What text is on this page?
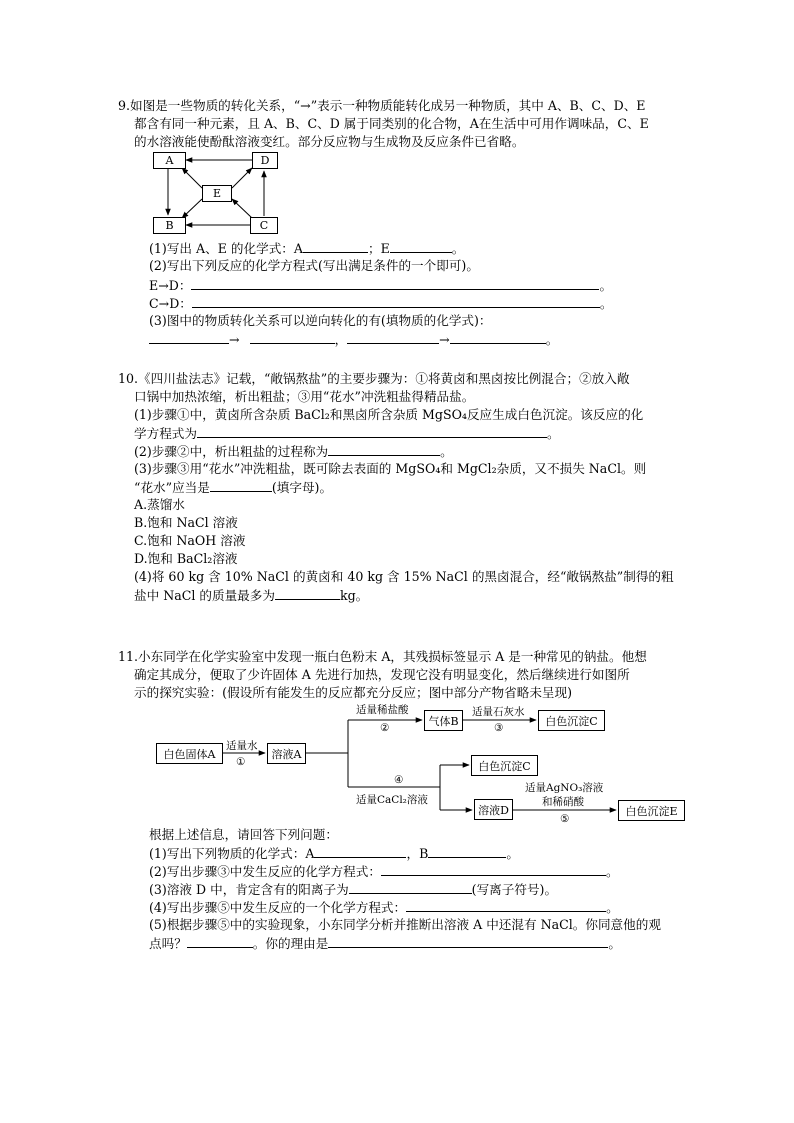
9.如图是一些物质的转化关系，“→”表示一种物质能转化成另一种物质，其中 A、B、C、D、E
都含有同一种元素，且 A、B、C、D 属于同类别的化合物，A在生活中可用作调味品，C、E
的水溶液能使酚酞溶液变红。部分反应物与生成物及反应条件已省略。
A	D
E
B	C
(1)写出 A、E 的化学式：A	；E	。
(2)写出下列反应的化学方程式(写出满足条件的一个即可)。
E→D：	。
C→D：	。
(3)图中的物质转化关系可以逆向转化的有(填物质的化学式)：
→	，	→	。
10.《四川盐法志》记载，“敞锅熬盐”的主要步骤为：①将黄卤和黑卤按比例混合；②放入敞
口锅中加热浓缩，析出粗盐；③用“花水”冲洗粗盐得精品盐。
(1)步骤①中，黄卤所含杂质 BaCl₂和黑卤所含杂质 MgSO₄反应生成白色沉淀。该反应的化
学方程式为	。
(2)步骤②中，析出粗盐的过程称为	。
(3)步骤③用“花水”冲洗粗盐，既可除去表面的 MgSO₄和 MgCl₂杂质，又不损失 NaCl。则
“花水”应当是	(填字母)。
A.蒸馏水
B.饱和 NaCl 溶液
C.饱和 NaOH 溶液
D.饱和 BaCl₂溶液
(4)将 60 kg 含 10% NaCl 的黄卤和 40 kg 含 15% NaCl 的黑卤混合，经“敞锅熬盐”制得的粗
盐中 NaCl 的质量最多为	kg。
11.小东同学在化学实验室中发现一瓶白色粉末 A，其残损标签显示 A 是一种常见的钠盐。他想
确定其成分，便取了少许固体 A 先进行加热，发现它没有明显变化，然后继续进行如图所
示的探究实验：(假设所有能发生的反应都充分反应；图中部分产物省略未呈现)
白色固体A
适量水
①
溶液A
适量稀盐酸
②
气体B
适量石灰水
③
白色沉淀C
④
适量CaCl₂溶液
白色沉淀C
溶液D
适量AgNO₃溶液
和稀硝酸
⑤
白色沉淀E
根据上述信息，请回答下列问题：
(1)写出下列物质的化学式：A	，B	。
(2)写出步骤③中发生反应的化学方程式：	。
(3)溶液 D 中，肯定含有的阳离子为	(写离子符号)。
(4)写出步骤⑤中发生反应的一个化学方程式：	。
(5)根据步骤⑤中的实验现象，小东同学分析并推断出溶液 A 中还混有 NaCl。你同意他的观
点吗？	。你的理由是	。
